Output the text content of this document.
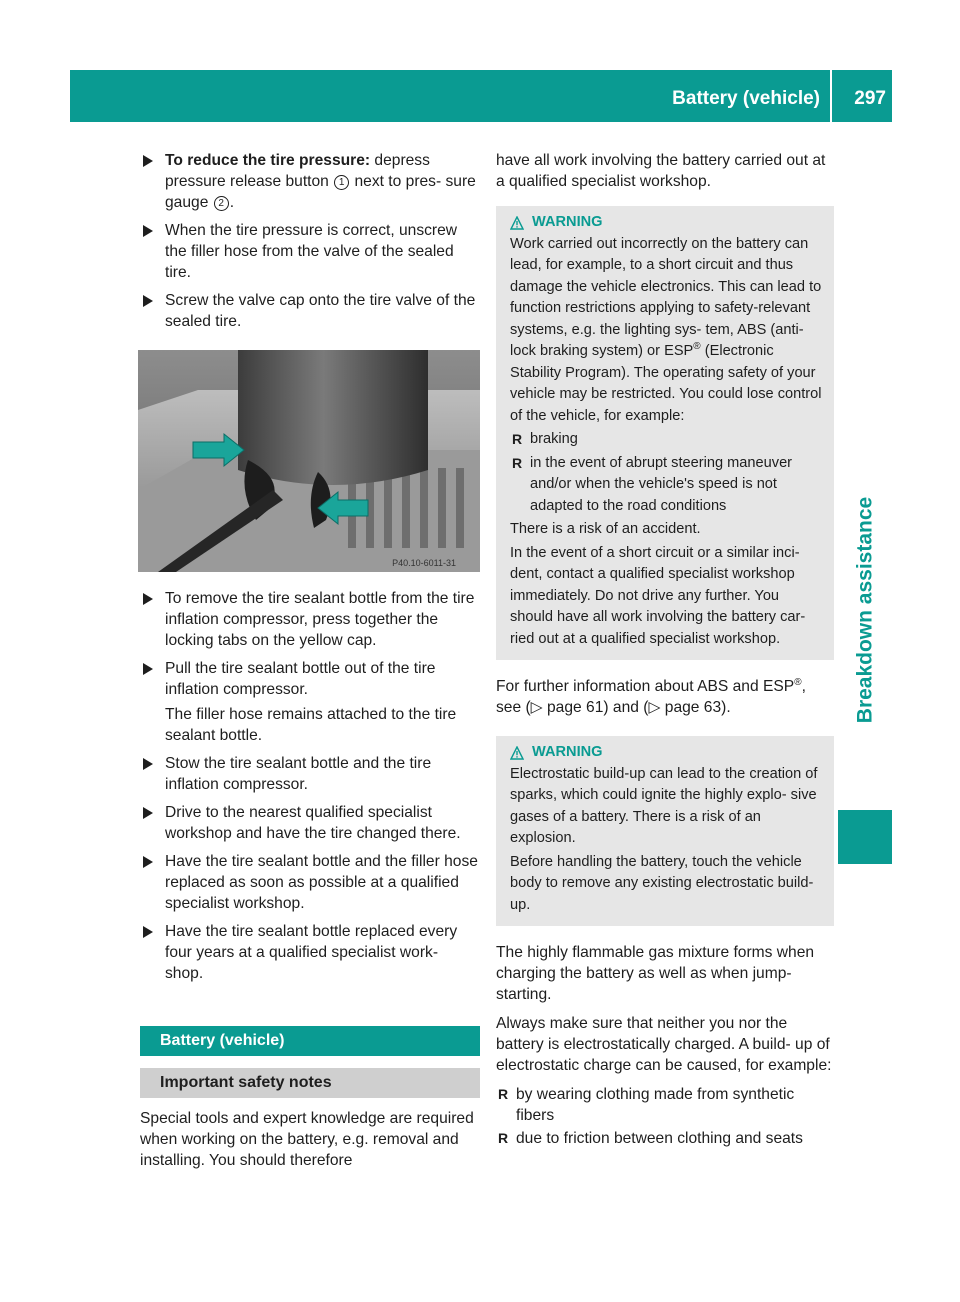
Battery (vehicle) 297
Breakdown assistance

To reduce the tire pressure: depress pressure release button 1 next to pres- sure gauge 2 .

When the tire pressure is correct, unscrew the filler hose from the valve of the sealed tire.

Screw the valve cap onto the tire valve of the sealed tire.

P40.10-6011-31

To remove the tire sealant bottle from the tire inflation compressor, press together the locking tabs on the yellow cap.

Pull the tire sealant bottle out of the tire inflation compressor.

The filler hose remains attached to the tire sealant bottle.

Stow the tire sealant bottle and the tire inflation compressor.

Drive to the nearest qualified specialist workshop and have the tire changed there.

Have the tire sealant bottle and the filler hose replaced as soon as possible at a qualified specialist workshop.

Have the tire sealant bottle replaced every four years at a qualified specialist work- shop.

Battery (vehicle)
Important safety notes

Special tools and expert knowledge are required when working on the battery, e.g. removal and installing. You should therefore

have all work involving the battery carried out at a qualified specialist workshop.

WARNING

Work carried out incorrectly on the battery can lead, for example, to a short circuit and thus damage the vehicle electronics. This can lead to function restrictions applying to safety-relevant systems, e.g. the lighting sys- tem, ABS (anti-lock braking system) or ESP® (Electronic Stability Program). The operating safety of your vehicle may be restricted. You could lose control of the vehicle, for example:

R braking
R in the event of abrupt steering maneuver and/or when the vehicle's speed is not adapted to the road conditions

There is a risk of an accident.

In the event of a short circuit or a similar inci- dent, contact a qualified specialist workshop immediately. Do not drive any further. You should have all work involving the battery car- ried out at a qualified specialist workshop.

For further information about ABS and ESP®, see (▷ page 61) and (▷ page 63).

WARNING

Electrostatic build-up can lead to the creation of sparks, which could ignite the highly explo- sive gases of a battery. There is a risk of an explosion.

Before handling the battery, touch the vehicle body to remove any existing electrostatic build-up.

The highly flammable gas mixture forms when charging the battery as well as when jump- starting.

Always make sure that neither you nor the battery is electrostatically charged. A build- up of electrostatic charge can be caused, for example:

R by wearing clothing made from synthetic fibers
R due to friction between clothing and seats
